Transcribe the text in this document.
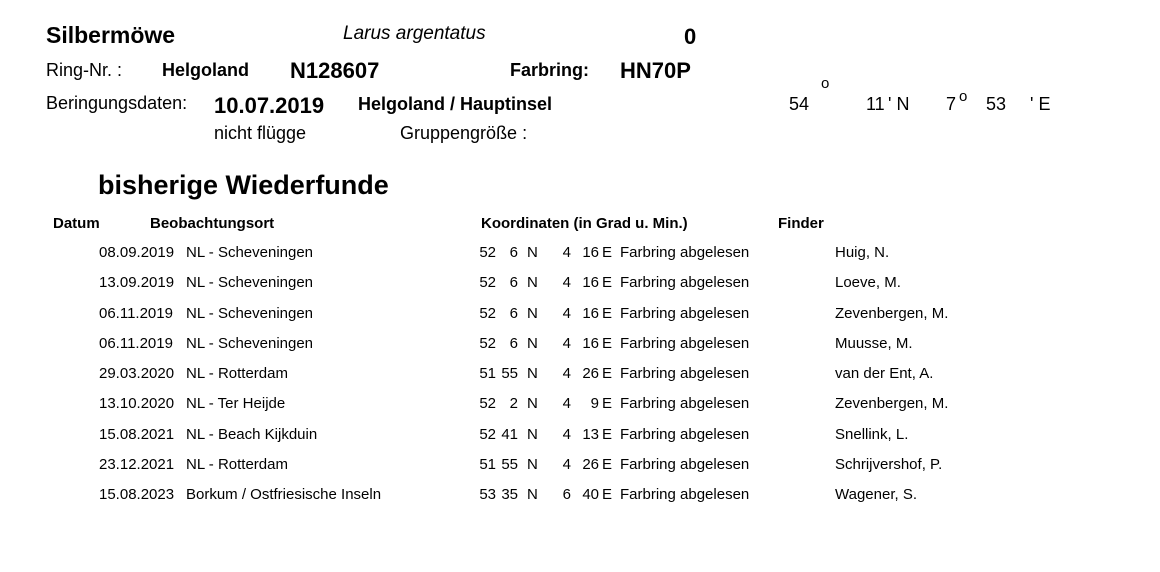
Silbermöwe	Larus argentatus	0
Ring-Nr. : Helgoland N128607	Farbring: HN70P
Beringungsdaten: 10.07.2019 Helgoland / Hauptinsel	54
o
11 ' N 7 o 53 ' E
nicht flügge	Gruppengröße :
bisherige Wiederfunde
Datum	Beobachtungsort	Koordinaten (in Grad u. Min.)	Finder
08.09.2019 NL - Scheveningen	52 6 N	4 16 E Farbring abgelesen	Huig, N.
13.09.2019 NL - Scheveningen	52 6 N	4 16 E Farbring abgelesen	Loeve, M.
06.11.2019 NL - Scheveningen	52 6 N	4 16 E Farbring abgelesen	Zevenbergen, M.
06.11.2019 NL - Scheveningen	52 6 N	4 16 E Farbring abgelesen	Muusse, M.
29.03.2020 NL - Rotterdam	51 55 N	4 26 E Farbring abgelesen	van der Ent, A.
13.10.2020 NL - Ter Heijde	52 2 N	4	9 E Farbring abgelesen	Zevenbergen, M.
15.08.2021 NL - Beach Kijkduin	52 41 N	4 13 E Farbring abgelesen	Snellink, L.
23.12.2021 NL - Rotterdam	51 55 N	4 26 E Farbring abgelesen	Schrijvershof, P.
15.08.2023 Borkum / Ostfriesische Inseln	53 35 N	6 40 E Farbring abgelesen	Wagener, S.
